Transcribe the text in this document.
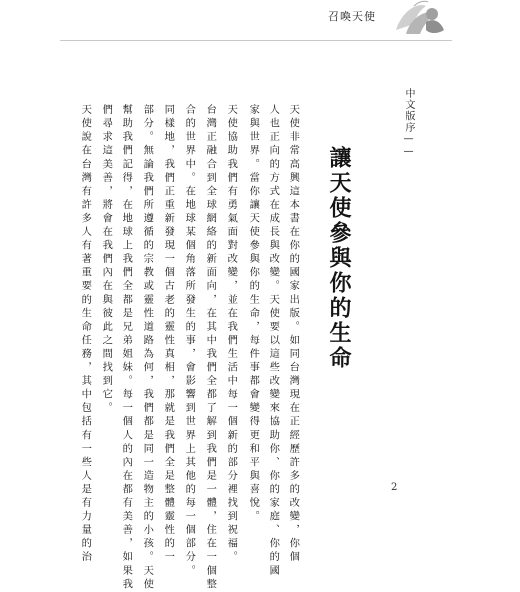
召喚天使
中文版序——
讓天使參與你的生命
天使非常高興這本書在你的國家出版。如同台灣現在正經歷許多的改變，你個
人也正向的方式在成長與改變。天使要以這些改變來協助你、你的家庭、你的國
家與世界。當你讓天使參與你的生命，每件事都會變得更和平與喜悅。
天使協助我們有勇氣面對改變，並在我們生活中每一個新的部分裡找到祝福。
台灣正融合到全球網絡的新面向，在其中我們全都了解到我們是一體，住在一個整
合的世界中。在地球某個角落所發生的事，會影響到世界上其他的每一個部分。
同樣地，我們正重新發現一個古老的靈性真相，那就是我們全是整體靈性的一
部分。無論我們所遵循的宗教或靈性道路為何，我們都是同一造物主的小孩。天使
幫助我們記得，在地球上我們全都是兄弟姐妹。每一個人的內在都有美善，如果我
們尋求這美善，將會在我們內在與彼此之間找到它。
天使說在台灣有許多人有著重要的生命任務，其中包括有一些人是有力量的治	2
